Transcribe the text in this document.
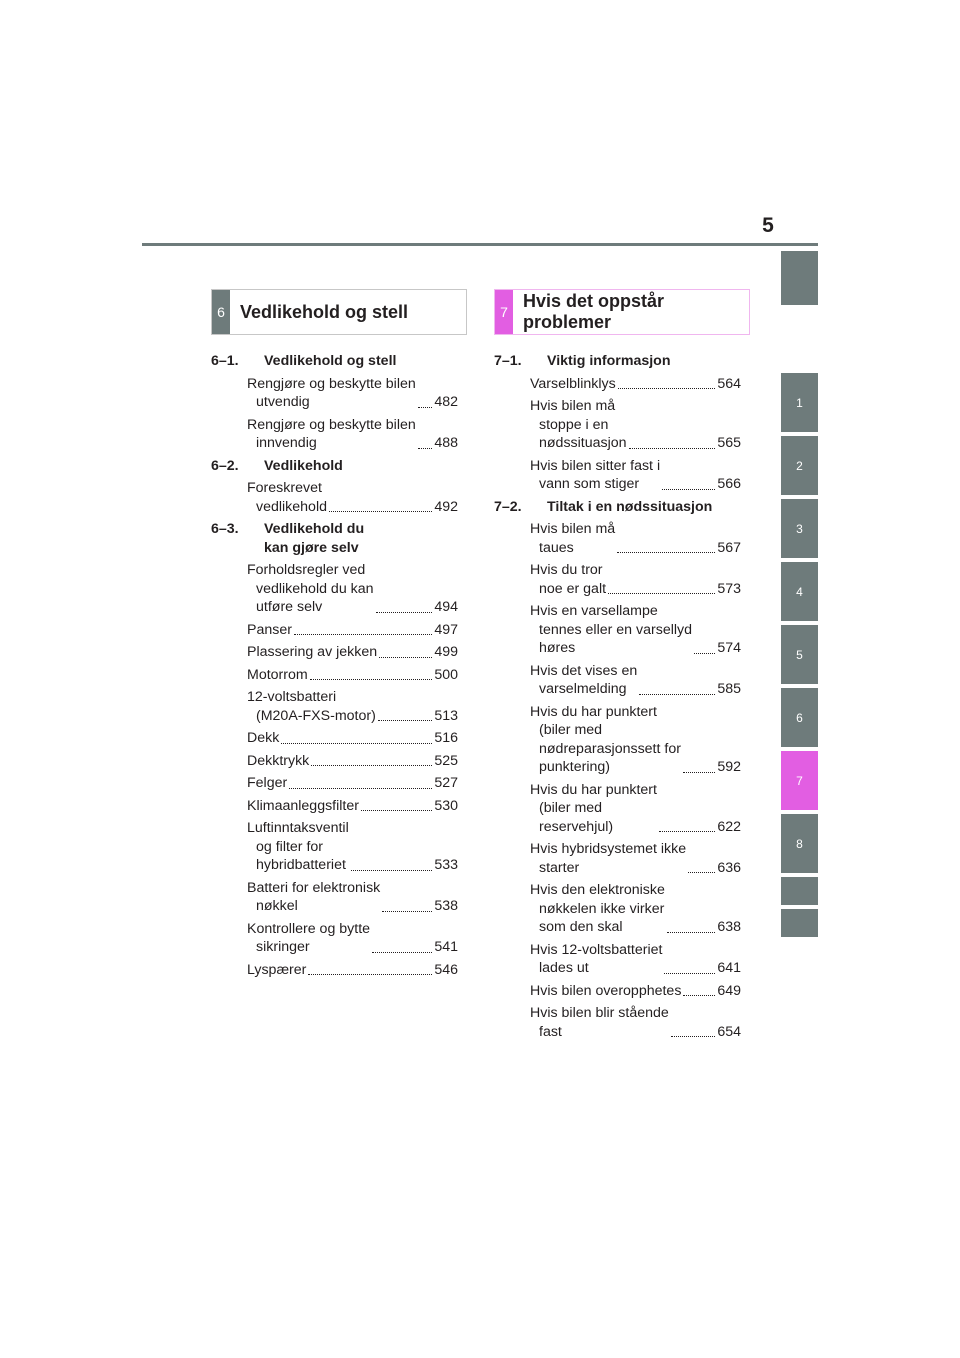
5
1
2
3
4
5
6
7
8
6 Vedlikehold og stell	7
Hvis det oppstår
problemer
6–1.	Vedlikehold og stell
Rengjøre og beskytte bilen
utvendig	482
Rengjøre og beskytte bilen
innvendig	488
6–2.	Vedlikehold
Foreskrevet
vedlikehold	492
6–3.	Vedlikehold du
kan gjøre selv
Forholdsregler ved
vedlikehold du kan
utføre selv	494
Panser	497
Plassering av jekken	499
Motorrom	500
12-voltsbatteri
(M20A-FXS-motor)	513
Dekk	516
Dekktrykk	525
Felger	527
Klimaanleggsfilter	530
Luftinntaksventil
og filter for
hybridbatteriet	533
Batteri for elektronisk
nøkkel	538
Kontrollere og bytte
sikringer	541
Lyspærer	546
7–1.	Viktig informasjon
Varselblinklys	564
Hvis bilen må
stoppe i en
nødssituasjon	565
Hvis bilen sitter fast i
vann som stiger	566
7–2.	Tiltak i en nødssituasjon
Hvis bilen må
taues	567
Hvis du tror
noe er galt	573
Hvis en varsellampe
tennes eller en varsellyd
høres	574
Hvis det vises en
varselmelding	585
Hvis du har punktert
(biler med
nødreparasjonssett for
punktering)	592
Hvis du har punktert
(biler med
reservehjul)	622
Hvis hybridsystemet ikke
starter	636
Hvis den elektroniske
nøkkelen ikke virker
som den skal	638
Hvis 12-voltsbatteriet
lades ut	641
Hvis bilen overopphetes	649
Hvis bilen blir stående
fast	654
